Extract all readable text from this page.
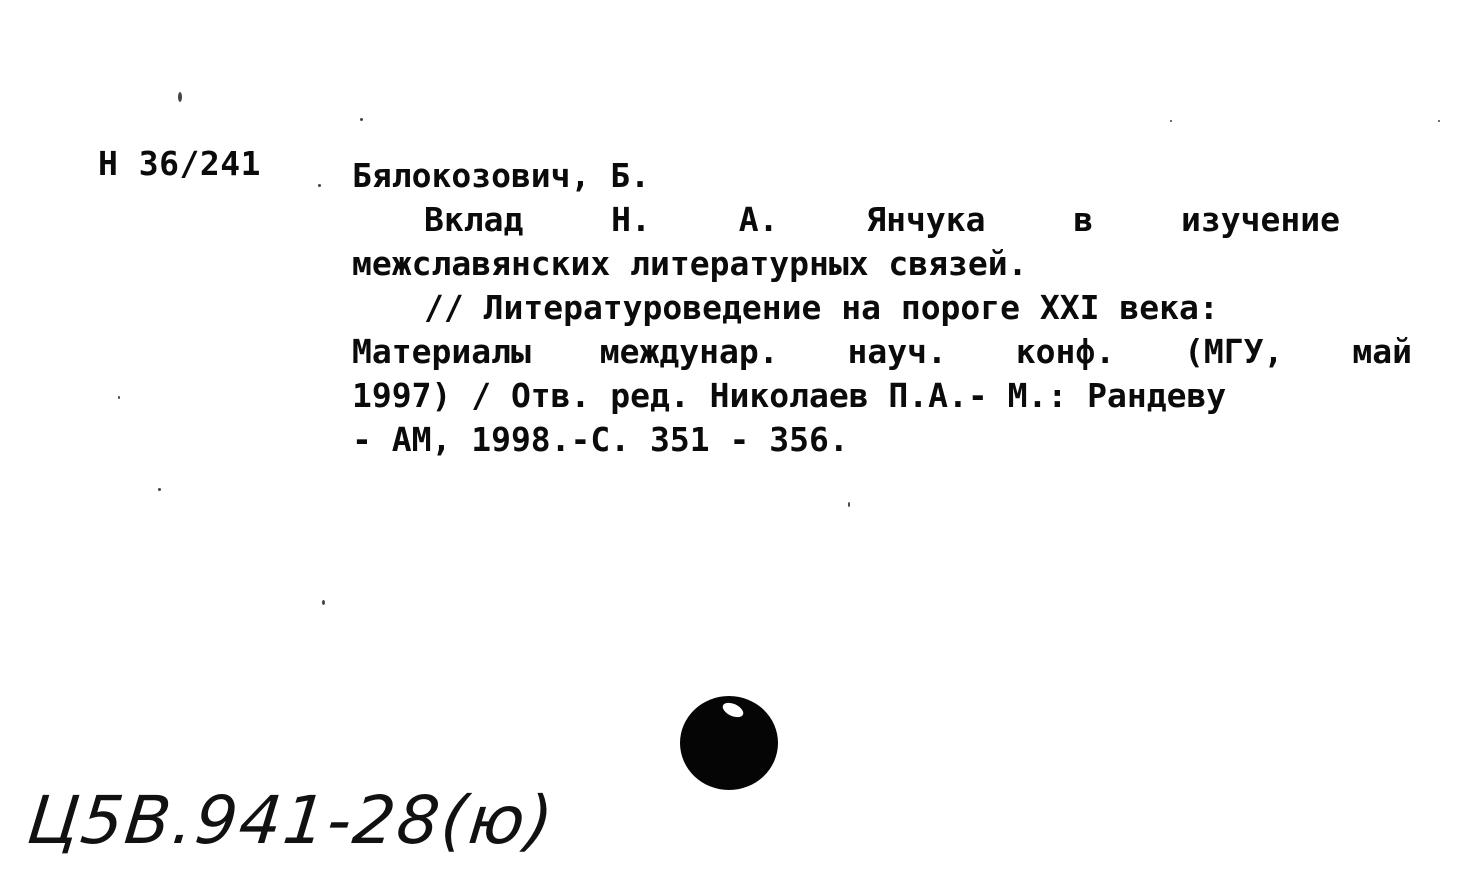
Н 36/241	Бялокозович, Б.
Вклад	Н.	А.	Янчука	в	изучение
межславянских литературных связей.
// Литературоведение на пороге XXI века:
Материалы междунар. науч. конф. (МГУ, май
1997) / Отв. ред. Николаев П.А.- М.: Рандеву
- АМ, 1998.-С. 351 - 356.
Ц5В.941-28(ю)
